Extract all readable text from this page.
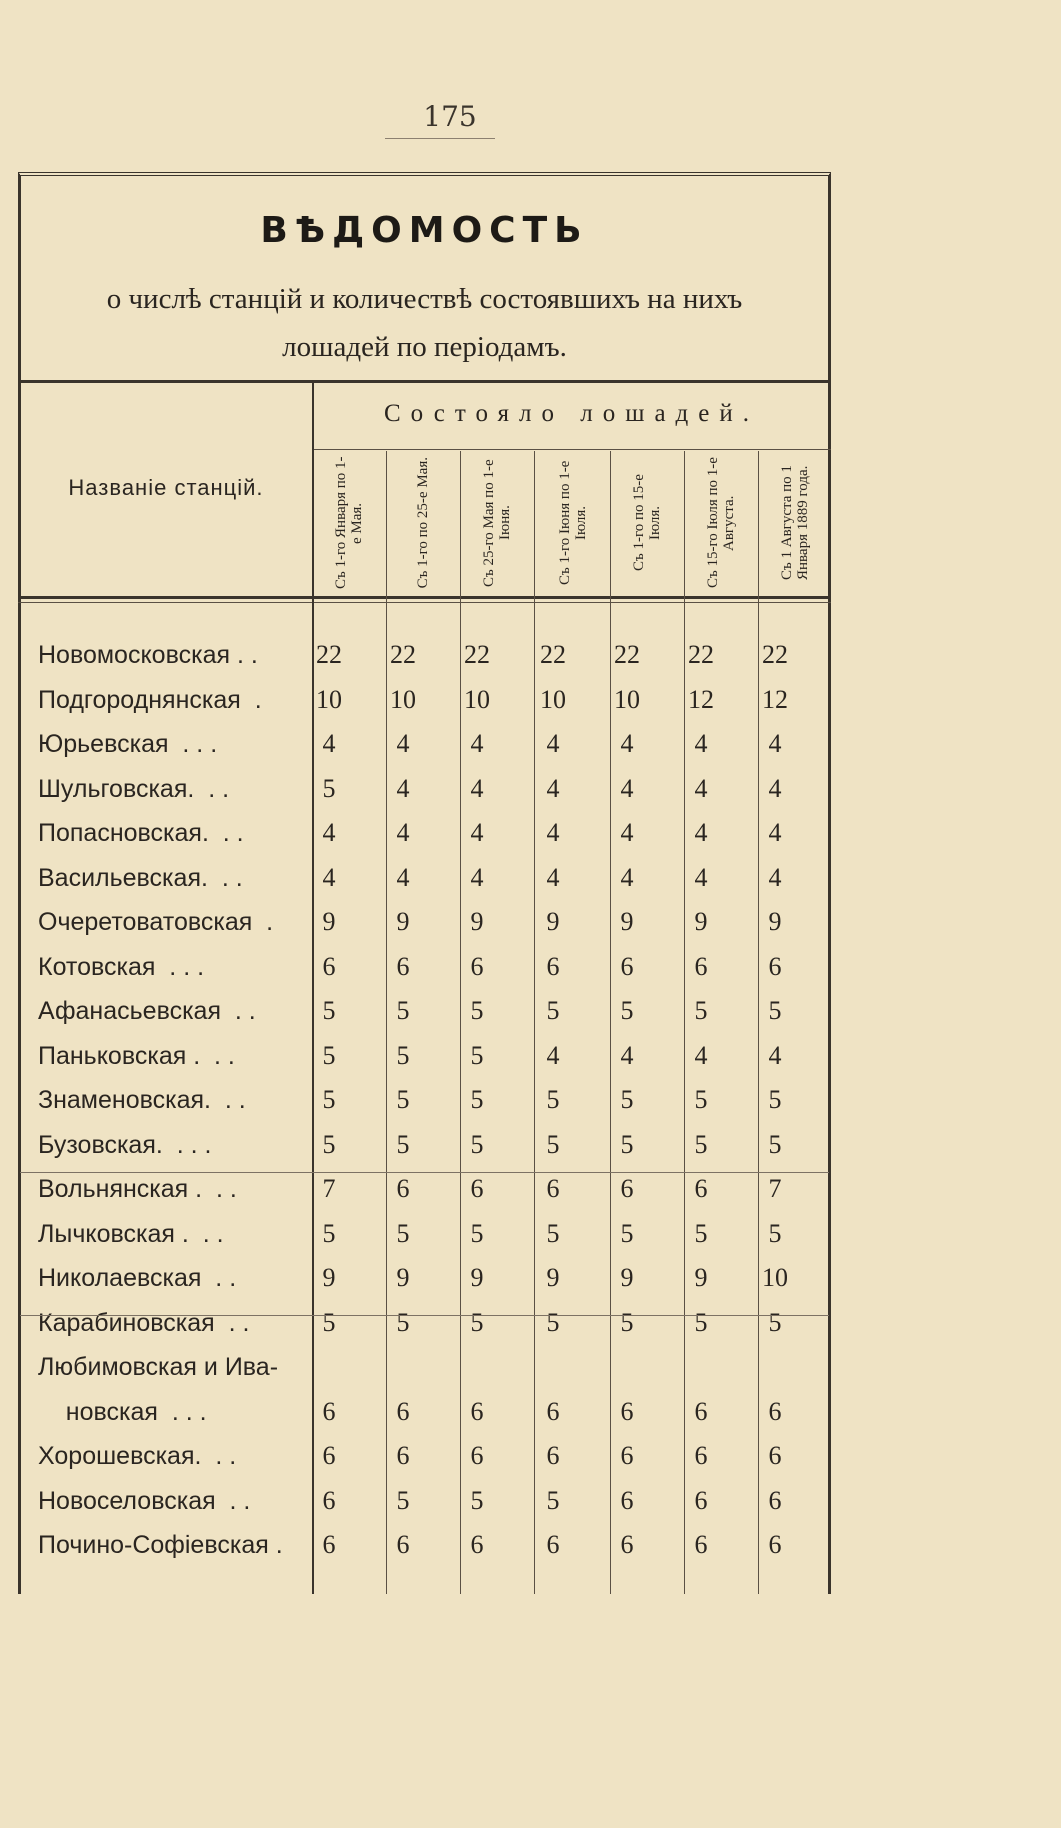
175
ВѢДОМОСТЬ
о числѣ станцій и количествѣ состоявшихъ на нихъ
лошадей по періодамъ.
Состояло лошадей.
Названіе станцій.	Съ 1-го Января по 1-е Мая.	Съ 1-го по 25-е Мая.	Съ 25-го Мая по 1-е Іюня.	Съ 1-го Іюня по 1-е Іюля.	Съ 1-го по 15-е Іюля.	Съ 15-го Іюля по 1-е Августа.	Съ 1 Августа по 1 Января 1889 года.
Новомосковская . .	22	22	22	22	22	22	22
Подгороднянская  .	10	10	10	10	10	12	12
Юрьевская  . . .	4	4	4	4	4	4	4
Шульговская.  . .	5	4	4	4	4	4	4
Попасновская.  . .	4	4	4	4	4	4	4
Васильевская.  . .	4	4	4	4	4	4	4
Очеретоватовская  .	9	9	9	9	9	9	9
Котовская  . . .	6	6	6	6	6	6	6
Афанасьевская  . .	5	5	5	5	5	5	5
Паньковская .  . .	5	5	5	4	4	4	4
Знаменовская.  . .	5	5	5	5	5	5	5
Бузовская.  . . .	5	5	5	5	5	5	5
Вольнянская .  . .	7	6	6	6	6	6	7
Лычковская .  . .	5	5	5	5	5	5	5
Николаевская  . .	9	9	9	9	9	9	10
Карабиновская  . .	5	5	5	5	5	5	5
Любимовская и Ива-
новская  . . .	6	6	6	6	6	6	6
Хорошевская.  . .	6	6	6	6	6	6	6
Новоселовская  . .	6	5	5	5	6	6	6
Почино-Софіевская .	6	6	6	6	6	6	6
